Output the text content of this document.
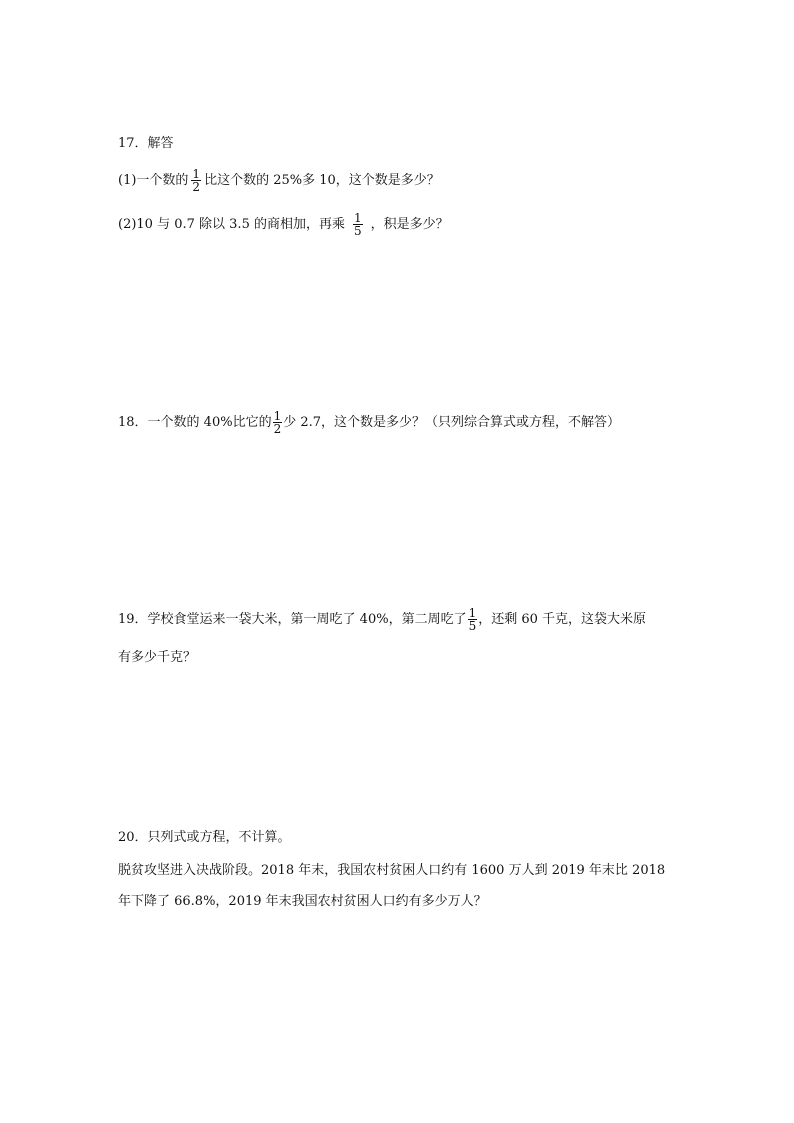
17．解答
(1)一个数的 $\frac{1}{2}$ 比这个数的 25%多 10，这个数是多少？
(2)10 与 0.7 除以 3.5 的商相加，再乘 $\frac{1}{5}$ ，积是多少？
18．一个数的 40%比它的 $\frac{1}{2}$ 少 2.7，这个数是多少？（只列综合算式或方程，不解答）
19．学校食堂运来一袋大米，第一周吃了 40%，第二周吃了 $\frac{1}{5}$ ，还剩 60 千克，这袋大米原
有多少千克？
20．只列式或方程，不计算。
脱贫攻坚进入决战阶段。2018 年末，我国农村贫困人口约有 1600 万人到 2019 年末比 2018
年下降了 66.8%，2019 年末我国农村贫困人口约有多少万人？
